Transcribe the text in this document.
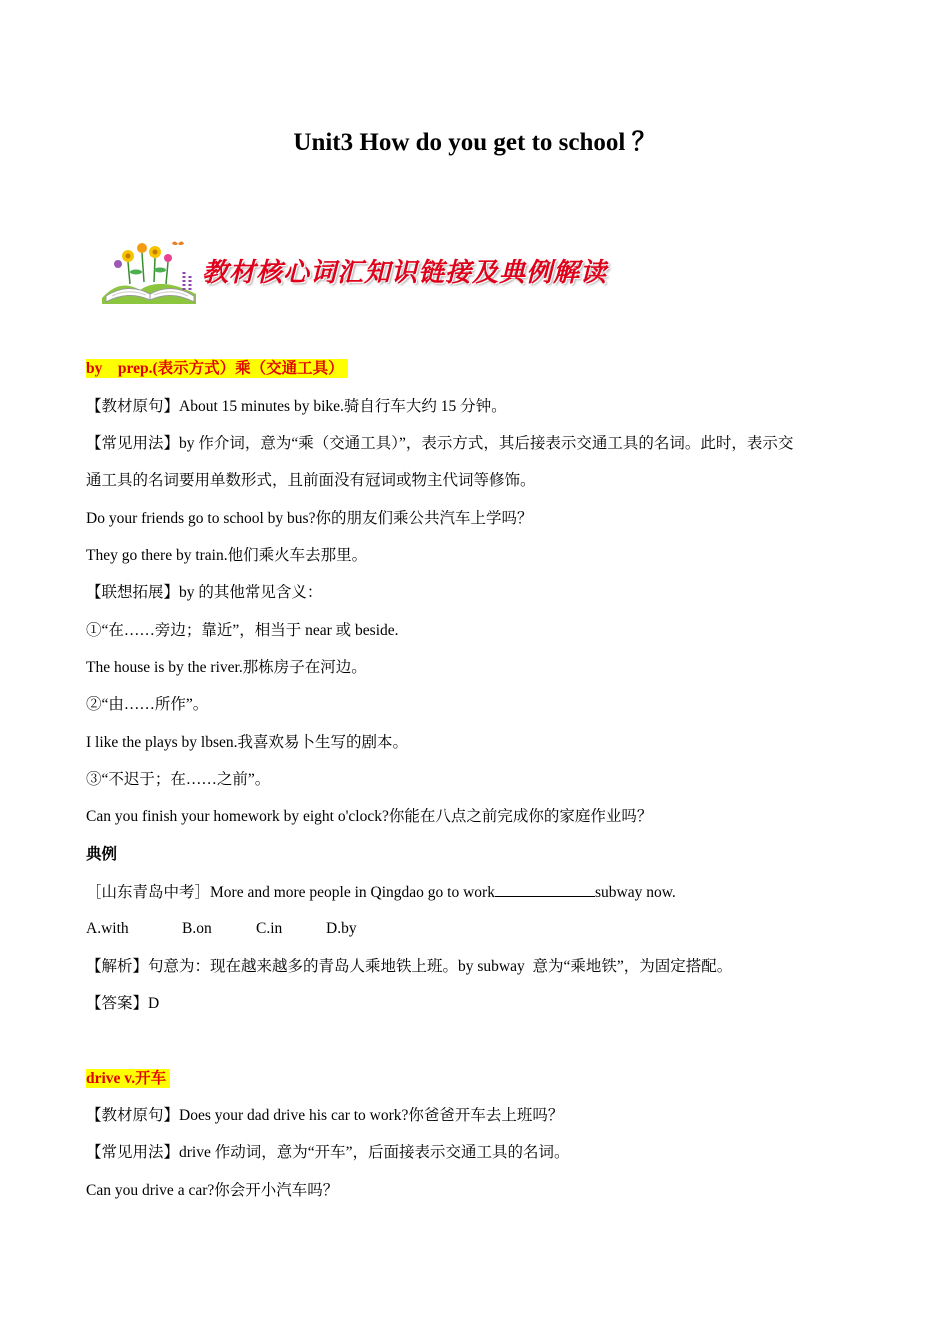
Unit3 How do you get to school ？
教材核心词汇知识链接及典例解读
by    prep.(表示方式）乘（交通工具）
【教材原句】About 15 minutes by bike.骑自行车大约 15 分钟。
【常见用法】by 作介词，意为“乘（交通工具）”，表示方式，其后接表示交通工具的名词。此时，表示交
通工具的名词要用单数形式，且前面没有冠词或物主代词等修饰。
Do your friends go to school by bus?你的朋友们乘公共汽车上学吗？
They go there by train.他们乘火车去那里。
【联想拓展】by 的其他常见含义：
①“在……旁边；靠近”，相当于 near 或 beside.
The house is by the river.那栋房子在河边。
②“由……所作”。
I like the plays by lbsen.我喜欢易卜生写的剧本。
③“不迟于；在……之前”。
Can you finish your homework by eight o'clock?你能在八点之前完成你的家庭作业吗？
典例
［山东青岛中考］More and more people in Qingdao go to work	subway now.
A.with	B.on	C.in	D.by
【解析】句意为：现在越来越多的青岛人乘地铁上班。by subway  意为“乘地铁”，为固定搭配。
【答案】D
drive v.开车
【教材原句】Does your dad drive his car to work?你爸爸开车去上班吗？
【常见用法】drive 作动词，意为“开车”，后面接表示交通工具的名词。
Can you drive a car?你会开小汽车吗？
